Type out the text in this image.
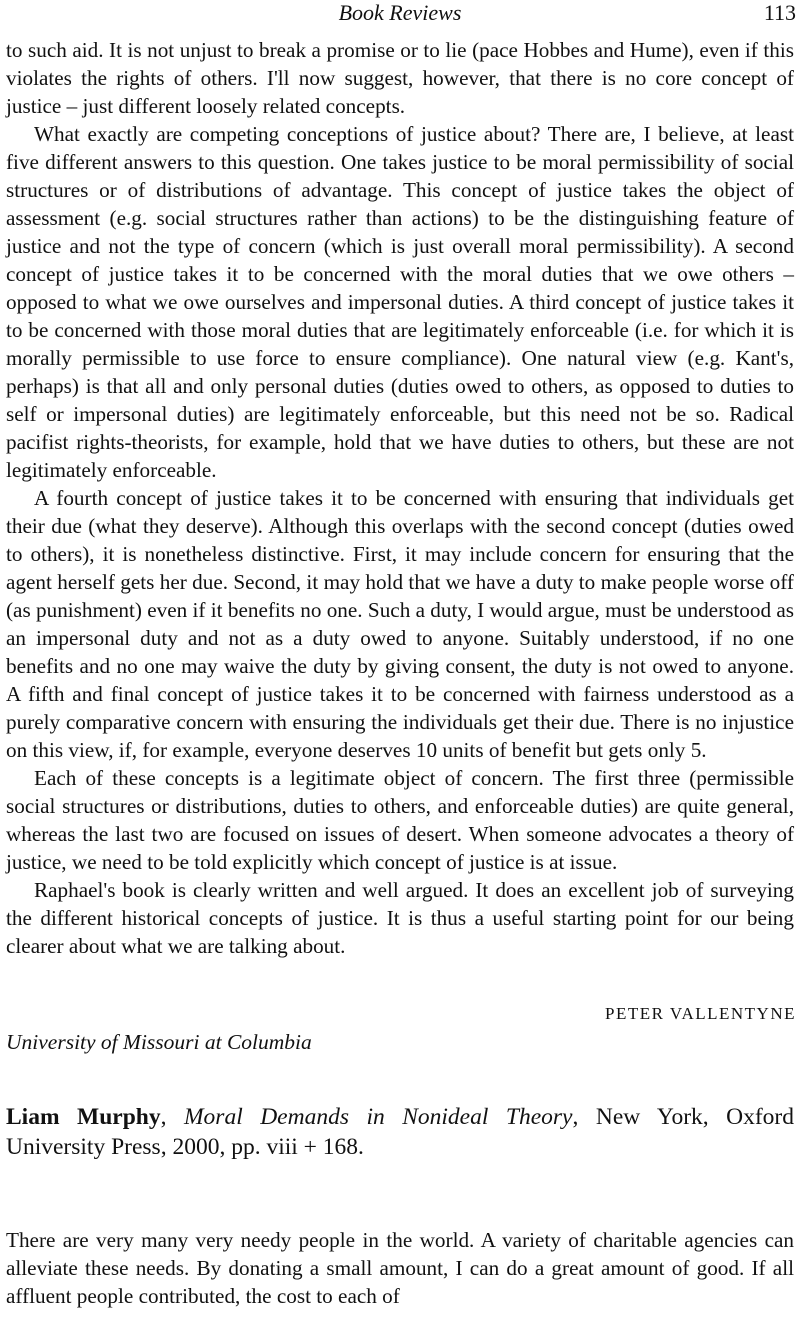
Book Reviews	113

to such aid. It is not unjust to break a promise or to lie (pace Hobbes and Hume), even if this violates the rights of others. I'll now suggest, however, that there is no core concept of justice – just different loosely related concepts.

What exactly are competing conceptions of justice about? There are, I believe, at least five different answers to this question. One takes justice to be moral permissibility of social structures or of distributions of advantage. This concept of justice takes the object of assessment (e.g. social structures rather than actions) to be the distinguishing feature of justice and not the type of concern (which is just overall moral permissibility). A second concept of justice takes it to be concerned with the moral duties that we owe others – opposed to what we owe ourselves and impersonal duties. A third concept of justice takes it to be concerned with those moral duties that are legitimately enforceable (i.e. for which it is morally permissible to use force to ensure compliance). One natural view (e.g. Kant's, perhaps) is that all and only personal duties (duties owed to others, as opposed to duties to self or impersonal duties) are legitimately enforceable, but this need not be so. Radical pacifist rights-theorists, for example, hold that we have duties to others, but these are not legitimately enforceable.

A fourth concept of justice takes it to be concerned with ensuring that individuals get their due (what they deserve). Although this overlaps with the second concept (duties owed to others), it is nonetheless distinctive. First, it may include concern for ensuring that the agent herself gets her due. Second, it may hold that we have a duty to make people worse off (as punishment) even if it benefits no one. Such a duty, I would argue, must be understood as an impersonal duty and not as a duty owed to anyone. Suitably understood, if no one benefits and no one may waive the duty by giving consent, the duty is not owed to anyone. A fifth and final concept of justice takes it to be concerned with fairness understood as a purely comparative concern with ensuring the individuals get their due. There is no injustice on this view, if, for example, everyone deserves 10 units of benefit but gets only 5.

Each of these concepts is a legitimate object of concern. The first three (permissible social structures or distributions, duties to others, and enforceable duties) are quite general, whereas the last two are focused on issues of desert. When someone advocates a theory of justice, we need to be told explicitly which concept of justice is at issue.

Raphael's book is clearly written and well argued. It does an excellent job of surveying the different historical concepts of justice. It is thus a useful starting point for our being clearer about what we are talking about.

PETER VALLENTYNE
University of Missouri at Columbia
Liam Murphy, Moral Demands in Nonideal Theory, New York, Oxford University Press, 2000, pp. viii + 168.

There are very many very needy people in the world. A variety of charitable agencies can alleviate these needs. By donating a small amount, I can do a great amount of good. If all affluent people contributed, the cost to each of
